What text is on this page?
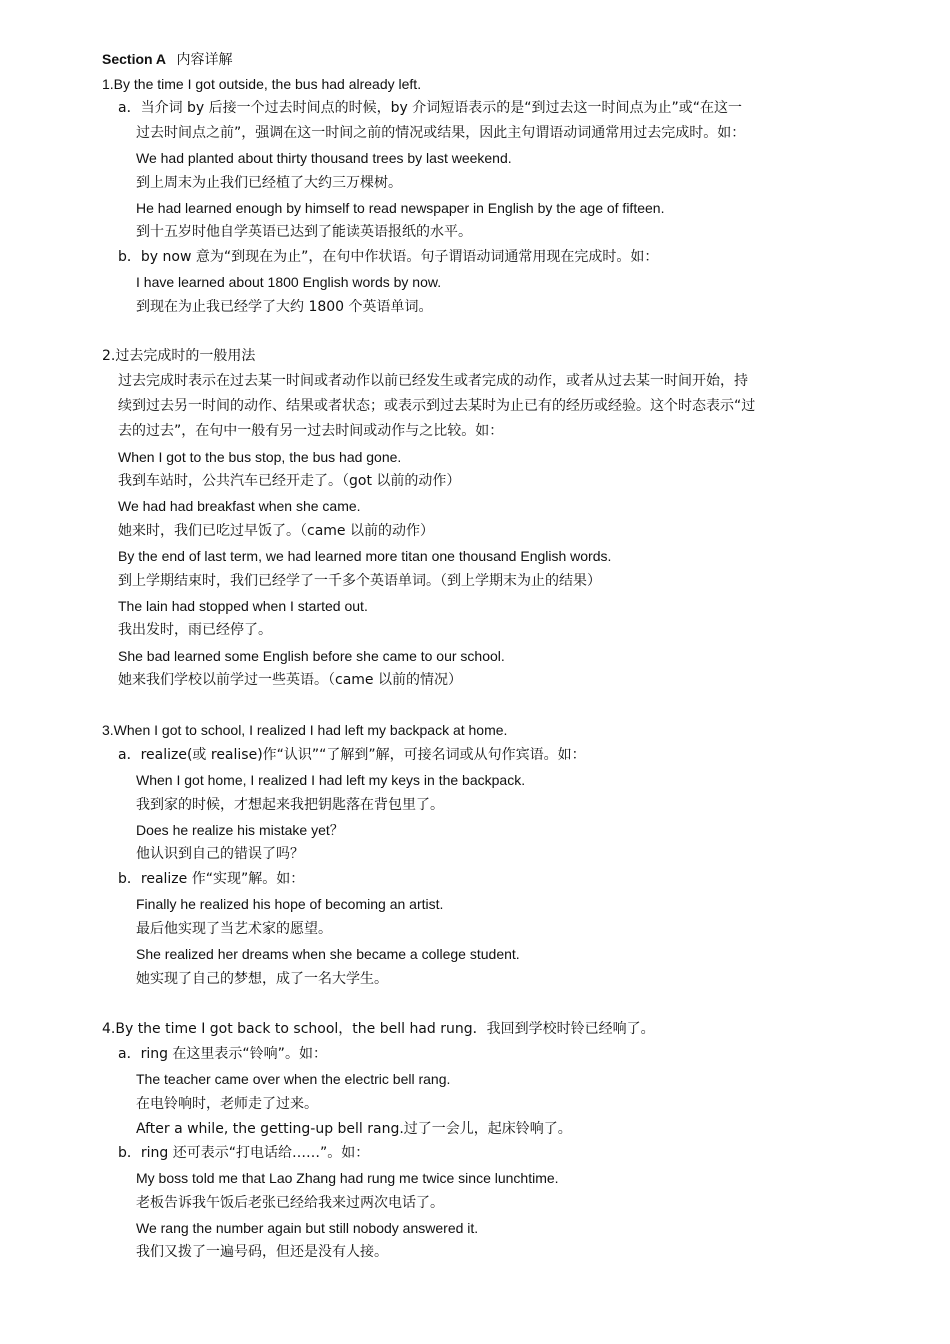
Section A 内容详解
1.By the time I got outside, the bus had already left.
a．当介词 by 后接一个过去时间点的时候，by 介词短语表示的是“到过去这一时间点为止”或“在这一
过去时间点之前”，强调在这一时间之前的情况或结果，因此主句谓语动词通常用过去完成时。如：
We had planted about thirty thousand trees by last weekend.
到上周末为止我们已经植了大约三万棵树。
He had learned enough by himself to read newspaper in English by the age of fifteen.
到十五岁时他自学英语已达到了能读英语报纸的水平。
b．by now 意为“到现在为止”，在句中作状语。句子谓语动词通常用现在完成时。如：
I have learned about 1800 English words by now.
到现在为止我已经学了大约 1800 个英语单词。
2.过去完成时的一般用法
过去完成时表示在过去某一时间或者动作以前已经发生或者完成的动作，或者从过去某一时间开始，持
续到过去另一时间的动作、结果或者状态；或表示到过去某时为止已有的经历或经验。这个时态表示“过
去的过去”，在句中一般有另一过去时间或动作与之比较。如：
When I got to the bus stop, the bus had gone.
我到车站时，公共汽车已经开走了。（got 以前的动作）
We had had breakfast when she came.
她来时，我们已吃过早饭了。（came 以前的动作）
By the end of last term, we had learned more titan one thousand English words.
到上学期结束时，我们已经学了一千多个英语单词。（到上学期末为止的结果）
The lain had stopped when I started out.
我出发时，雨已经停了。
She bad learned some English before she came to our school.
她来我们学校以前学过一些英语。（came 以前的情况）
3.When I got to school, I realized I had left my backpack at home.
a．realize(或 realise)作“认识”“了解到”解，可接名词或从句作宾语。如：
When I got home, I realized I had left my keys in the backpack.
我到家的时候，才想起来我把钥匙落在背包里了。
Does he realize his mistake yet？
他认识到自己的错误了吗？
b．realize 作“实现”解。如：
Finally he realized his hope of becoming an artist.
最后他实现了当艺术家的愿望。
She realized her dreams when she became a college student.
她实现了自己的梦想，成了一名大学生。
4.By the time I got back to school，the bell had rung．我回到学校时铃已经响了。
a．ring 在这里表示“铃响”。如：
The teacher came over when the electric bell rang.
在电铃响时，老师走了过来。
After a while, the getting-up bell rang.过了一会儿，起床铃响了。
b．ring 还可表示“打电话给……”。如：
My boss told me that Lao Zhang had rung me twice since lunchtime.
老板告诉我午饭后老张已经给我来过两次电话了。
We rang the number again but still nobody answered it.
我们又拨了一遍号码，但还是没有人接。
